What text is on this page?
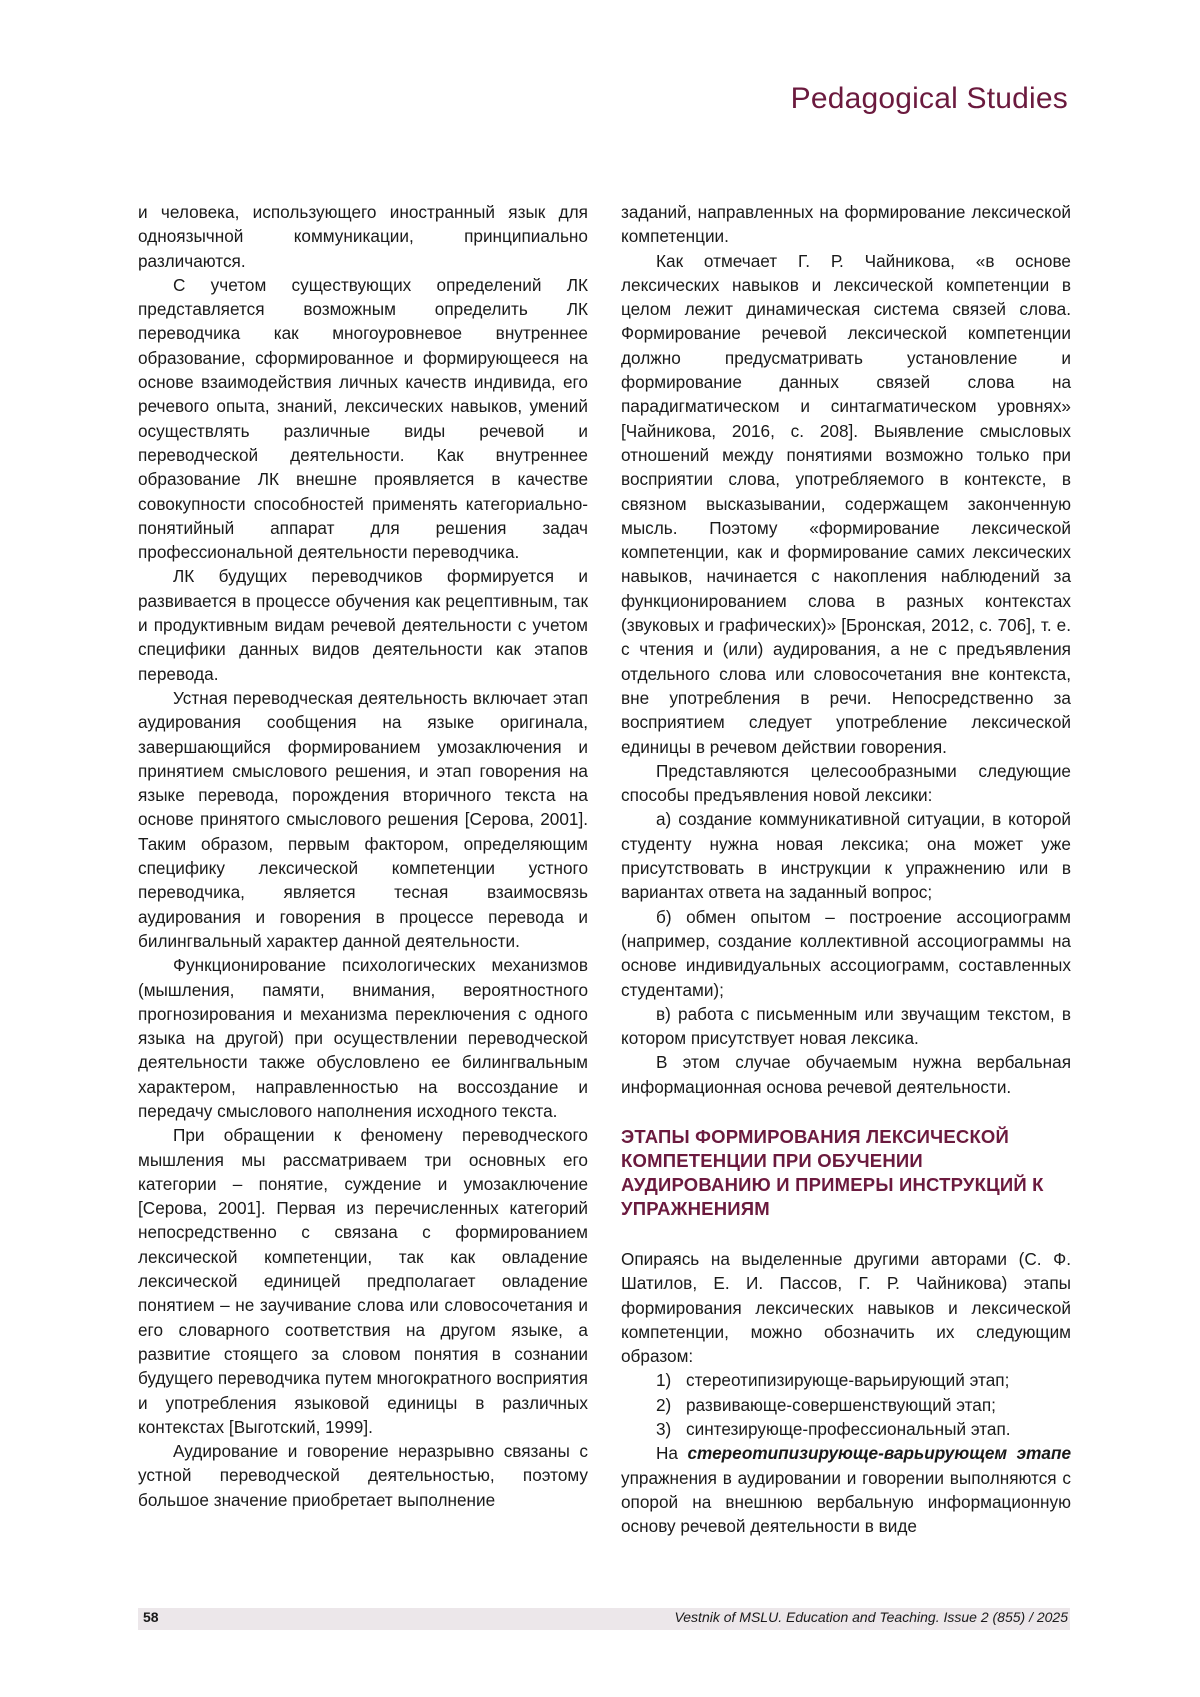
Pedagogical Studies

и человека, использующего иностранный язык для одноязычной коммуникации, принципиально различаются.

С учетом существующих определений ЛК представляется возможным определить ЛК переводчика как многоуровневое внутреннее образование, сформированное и формирующееся на основе взаимодействия личных качеств индивида, его речевого опыта, знаний, лексических навыков, умений осуществлять различные виды речевой и переводческой деятельности. Как внутреннее образование ЛК внешне проявляется в качестве совокупности способностей применять категориально-понятийный аппарат для решения задач профессиональной деятельности переводчика.

ЛК будущих переводчиков формируется и развивается в процессе обучения как рецептивным, так и продуктивным видам речевой деятельности с учетом специфики данных видов деятельности как этапов перевода.

Устная переводческая деятельность включает этап аудирования сообщения на языке оригинала, завершающийся формированием умозаключения и принятием смыслового решения, и этап говорения на языке перевода, порождения вторичного текста на основе принятого смыслового решения [Серова, 2001]. Таким образом, первым фактором, определяющим специфику лексической компетенции устного переводчика, является тесная взаимосвязь аудирования и говорения в процессе перевода и билингвальный характер данной деятельности.

Функционирование психологических механизмов (мышления, памяти, внимания, вероятностного прогнозирования и механизма переключения с одного языка на другой) при осуществлении переводческой деятельности также обусловлено ее билингвальным характером, направленностью на воссоздание и передачу смыслового наполнения исходного текста.

При обращении к феномену переводческого мышления мы рассматриваем три основных его категории – понятие, суждение и умозаключение [Серова, 2001]. Первая из перечисленных категорий непосредственно с связана с формированием лексической компетенции, так как овладение лексической единицей предполагает овладение понятием – не заучивание слова или словосочетания и его словарного соответствия на другом языке, а развитие стоящего за словом понятия в сознании будущего переводчика путем многократного восприятия и употребления языковой единицы в различных контекстах [Выготский, 1999].

Аудирование и говорение неразрывно связаны с устной переводческой деятельностью, поэтому большое значение приобретает выполнение

заданий, направленных на формирование лексической компетенции.

Как отмечает Г. Р. Чайникова, «в основе лексических навыков и лексической компетенции в целом лежит динамическая система связей слова. Формирование речевой лексической компетенции должно предусматривать установление и формирование данных связей слова на парадигматическом и синтагматическом уровнях» [Чайникова, 2016, с. 208]. Выявление смысловых отношений между понятиями возможно только при восприятии слова, употребляемого в контексте, в связном высказывании, содержащем законченную мысль. Поэтому «формирование лексической компетенции, как и формирование самих лексических навыков, начинается с накопления наблюдений за функционированием слова в разных контекстах (звуковых и графических)» [Бронская, 2012, с. 706], т. е. с чтения и (или) аудирования, а не с предъявления отдельного слова или словосочетания вне контекста, вне употребления в речи. Непосредственно за восприятием следует употребление лексической единицы в речевом действии говорения.

Представляются целесообразными следующие способы предъявления новой лексики:

а) создание коммуникативной ситуации, в которой студенту нужна новая лексика; она может уже присутствовать в инструкции к упражнению или в вариантах ответа на заданный вопрос;

б) обмен опытом – построение ассоциограмм (например, создание коллективной ассоциограммы на основе индивидуальных ассоциограмм, составленных студентами);

в) работа с письменным или звучащим текстом, в котором присутствует новая лексика.

В этом случае обучаемым нужна вербальная информационная основа речевой деятельности.

ЭТАПЫ ФОРМИРОВАНИЯ ЛЕКСИЧЕСКОЙ КОМПЕТЕНЦИИ ПРИ ОБУЧЕНИИ АУДИРОВАНИЮ И ПРИМЕРЫ ИНСТРУКЦИЙ К УПРАЖНЕНИЯМ

Опираясь на выделенные другими авторами (С. Ф. Шатилов, Е. И. Пассов, Г. Р. Чайникова) этапы формирования лексических навыков и лексической компетенции, можно обозначить их следующим образом:

1) стереотипизирующе-варьирующий этап;
2) развивающе-совершенствующий этап;
3) синтезирующе-профессиональный этап.

На стереотипизирующе-варьирующем этапе упражнения в аудировании и говорении выполняются с опорой на внешнюю вербальную информационную основу речевой деятельности в виде

58	Vestnik of MSLU. Education and Teaching. Issue 2 (855) / 2025
